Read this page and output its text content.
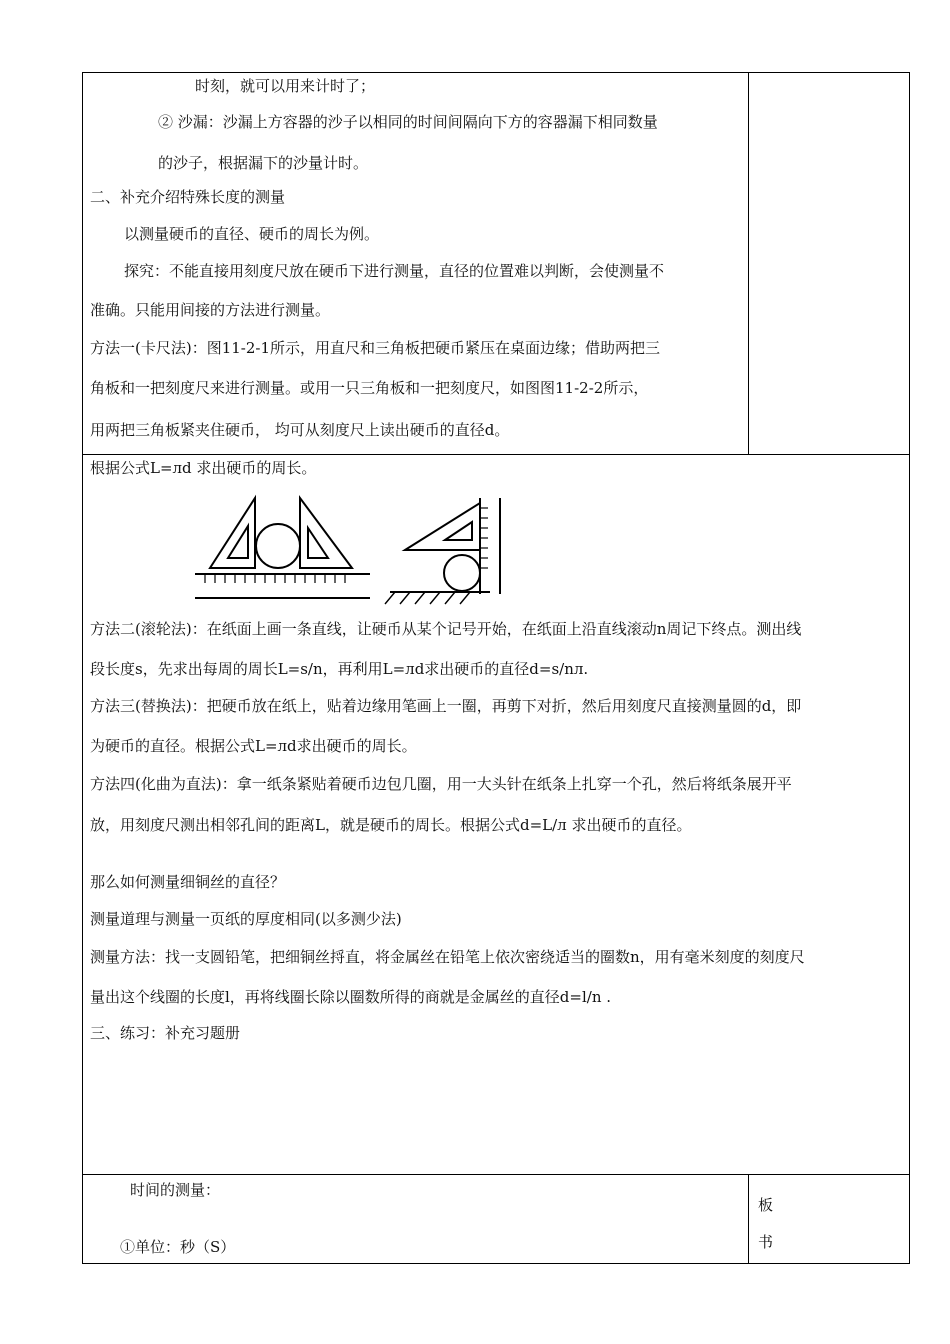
时刻，就可以用来计时了；
② 沙漏：沙漏上方容器的沙子以相同的时间间隔向下方的容器漏下相同数量
的沙子，根据漏下的沙量计时。
二、补充介绍特殊长度的测量
以测量硬币的直径、硬币的周长为例。
探究：不能直接用刻度尺放在硬币下进行测量，直径的位置难以判断，会使测量不
准确。只能用间接的方法进行测量。
方法一(卡尺法)：图11-2-1所示，用直尺和三角板把硬币紧压在桌面边缘；借助两把三
角板和一把刻度尺来进行测量。或用一只三角板和一把刻度尺，如图图11-2-2所示，
用两把三角板紧夹住硬币， 均可从刻度尺上读出硬币的直径d。
根据公式L=лd 求出硬币的周长。
方法二(滚轮法)：在纸面上画一条直线，让硬币从某个记号开始，在纸面上沿直线滚动n周记下终点。测出线
段长度s，先求出每周的周长L=s/n，再利用L=лd求出硬币的直径d=s/nл.
方法三(替换法)：把硬币放在纸上，贴着边缘用笔画上一圈，再剪下对折，然后用刻度尺直接测量圆的d，即
为硬币的直径。根据公式L=лd求出硬币的周长。
方法四(化曲为直法)：拿一纸条紧贴着硬币边包几圈，用一大头针在纸条上扎穿一个孔，然后将纸条展开平
放，用刻度尺测出相邻孔间的距离L，就是硬币的周长。根据公式d=L/л 求出硬币的直径。
那么如何测量细铜丝的直径？
测量道理与测量一页纸的厚度相同(以多测少法)
测量方法：找一支圆铅笔，把细铜丝捋直，将金属丝在铅笔上依次密绕适当的圈数n，用有毫米刻度的刻度尺
量出这个线圈的长度l，再将线圈长除以圈数所得的商就是金属丝的直径d=l/n .
三、练习：补充习题册
时间的测量：
①单位：秒（S）
板
书
